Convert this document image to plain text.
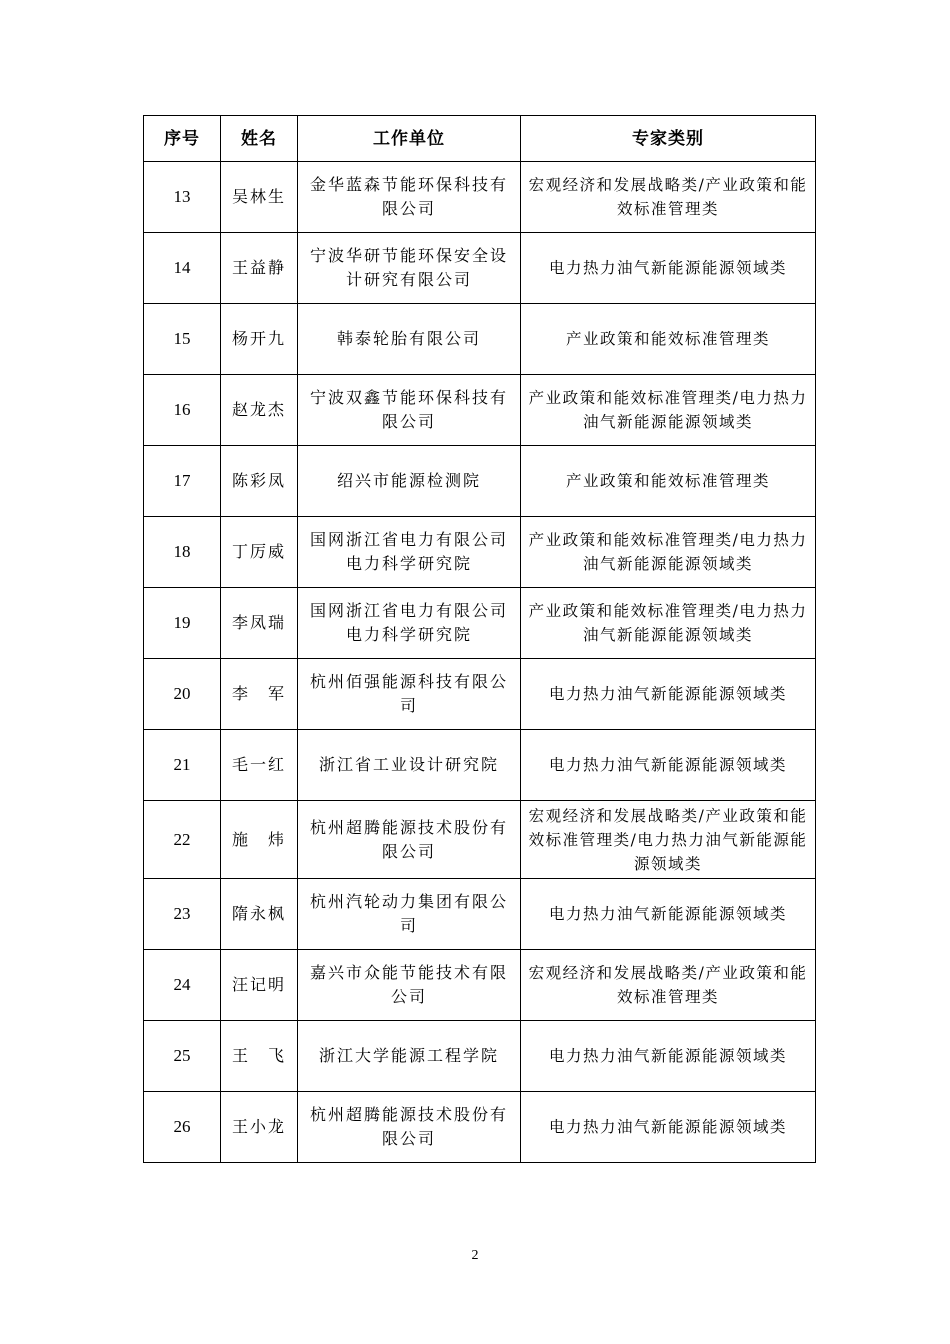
序号	姓名	工作单位	专家类别
13	吴林生	金华蓝森节能环保科技有限公司	宏观经济和发展战略类/产业政策和能效标准管理类
14	王益静	宁波华研节能环保安全设计研究有限公司	电力热力油气新能源能源领域类
15	杨开九	韩泰轮胎有限公司	产业政策和能效标准管理类
16	赵龙杰	宁波双鑫节能环保科技有限公司	产业政策和能效标准管理类/电力热力油气新能源能源领域类
17	陈彩凤	绍兴市能源检测院	产业政策和能效标准管理类
18	丁厉威	国网浙江省电力有限公司电力科学研究院	产业政策和能效标准管理类/电力热力油气新能源能源领域类
19	李凤瑞	国网浙江省电力有限公司电力科学研究院	产业政策和能效标准管理类/电力热力油气新能源能源领域类
20	李　军	杭州佰强能源科技有限公司	电力热力油气新能源能源领域类
21	毛一红	浙江省工业设计研究院	电力热力油气新能源能源领域类
22	施　炜	杭州超腾能源技术股份有限公司	宏观经济和发展战略类/产业政策和能效标准管理类/电力热力油气新能源能源领域类
23	隋永枫	杭州汽轮动力集团有限公司	电力热力油气新能源能源领域类
24	汪记明	嘉兴市众能节能技术有限公司	宏观经济和发展战略类/产业政策和能效标准管理类
25	王　飞	浙江大学能源工程学院	电力热力油气新能源能源领域类
26	王小龙	杭州超腾能源技术股份有限公司	电力热力油气新能源能源领域类
2
